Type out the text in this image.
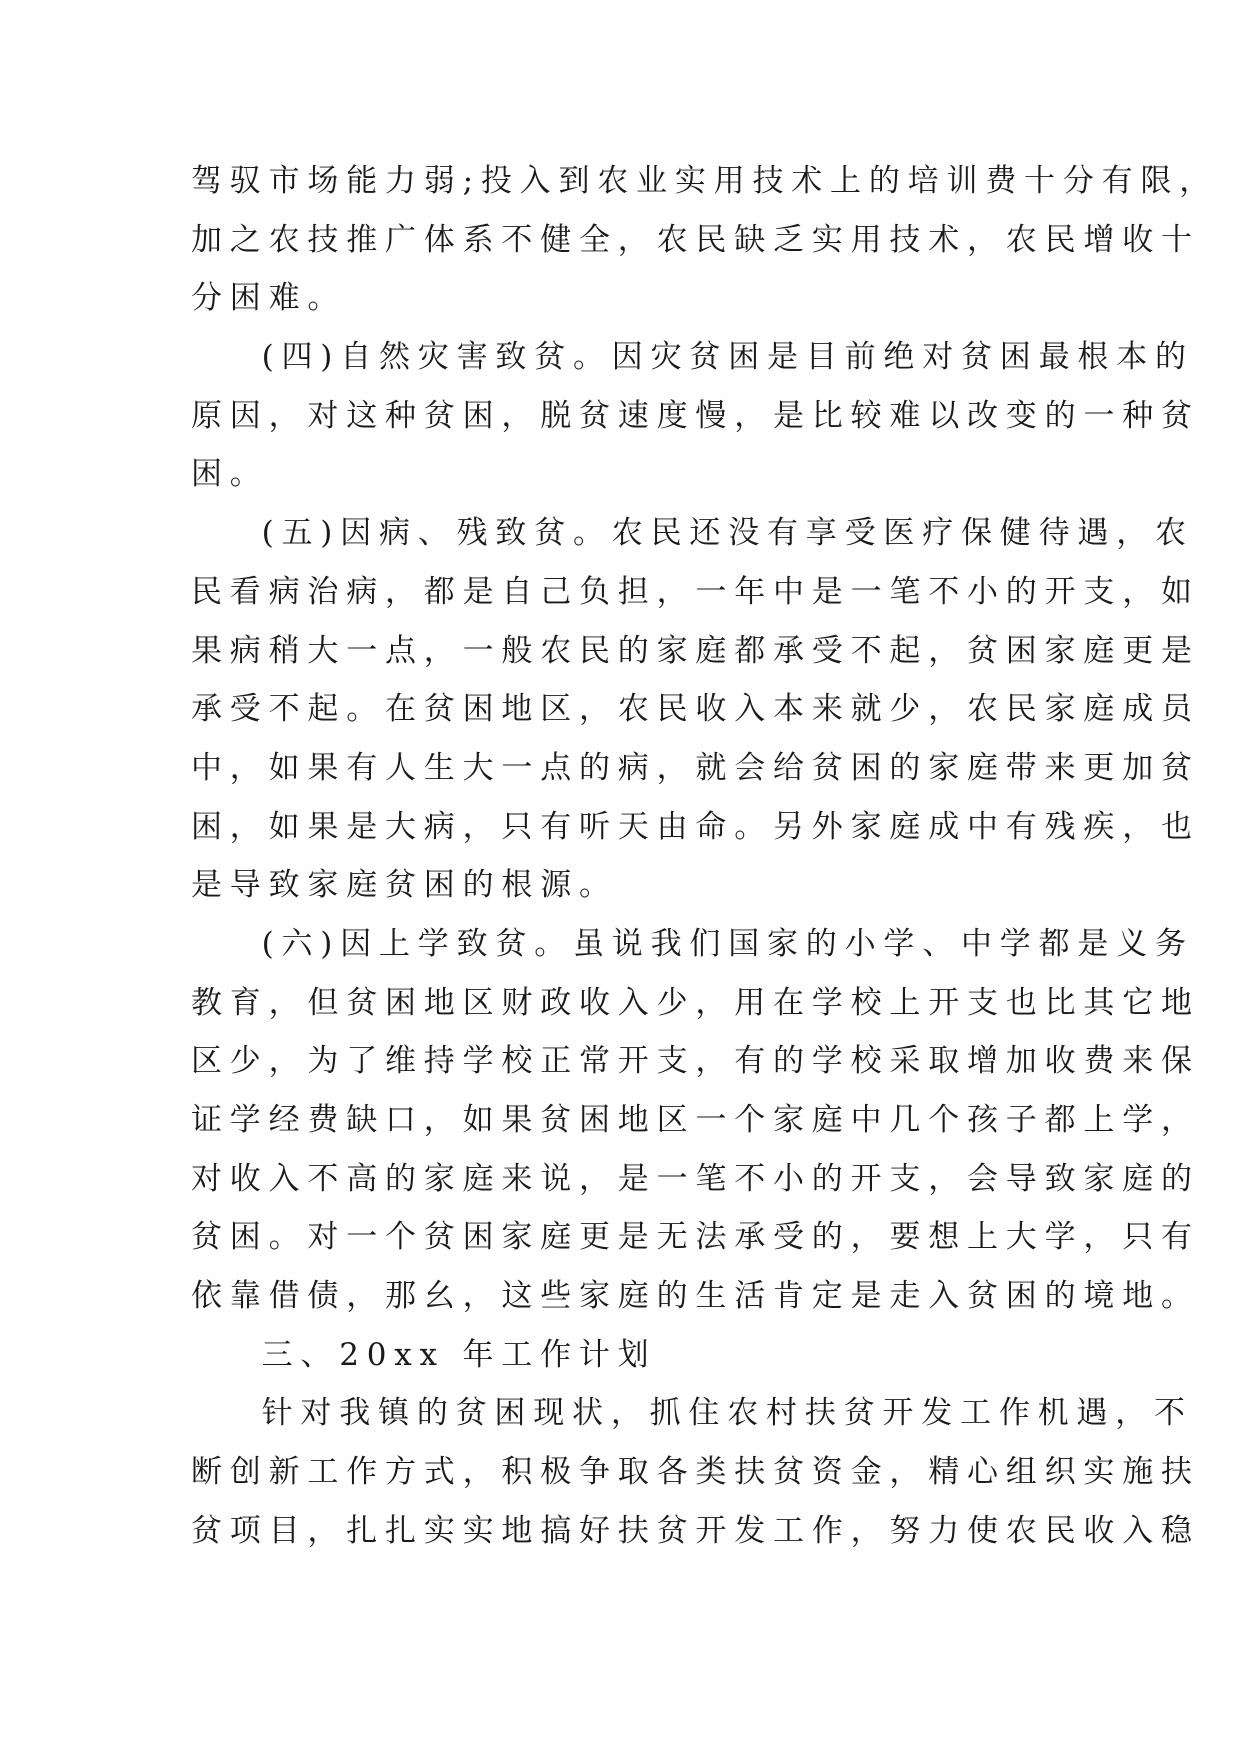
驾驭市场能力弱;投入到农业实用技术上的培训费十分有限，
加之农技推广体系不健全，农民缺乏实用技术，农民增收十
分困难。

(四)自然灾害致贫。因灾贫困是目前绝对贫困最根本的
原因，对这种贫困，脱贫速度慢，是比较难以改变的一种贫
困。

(五)因病、残致贫。农民还没有享受医疗保健待遇，农
民看病治病，都是自己负担，一年中是一笔不小的开支，如
果病稍大一点，一般农民的家庭都承受不起，贫困家庭更是
承受不起。在贫困地区，农民收入本来就少，农民家庭成员
中，如果有人生大一点的病，就会给贫困的家庭带来更加贫
困，如果是大病，只有听天由命。另外家庭成中有残疾，也
是导致家庭贫困的根源。

(六)因上学致贫。虽说我们国家的小学、中学都是义务
教育，但贫困地区财政收入少，用在学校上开支也比其它地
区少，为了维持学校正常开支，有的学校采取增加收费来保
证学经费缺口，如果贫困地区一个家庭中几个孩子都上学，
对收入不高的家庭来说，是一笔不小的开支，会导致家庭的
贫困。对一个贫困家庭更是无法承受的，要想上大学，只有
依靠借债，那幺，这些家庭的生活肯定是走入贫困的境地。

三、20xx 年工作计划

针对我镇的贫困现状，抓住农村扶贫开发工作机遇，不
断创新工作方式，积极争取各类扶贫资金，精心组织实施扶
贫项目，扎扎实实地搞好扶贫开发工作，努力使农民收入稳
